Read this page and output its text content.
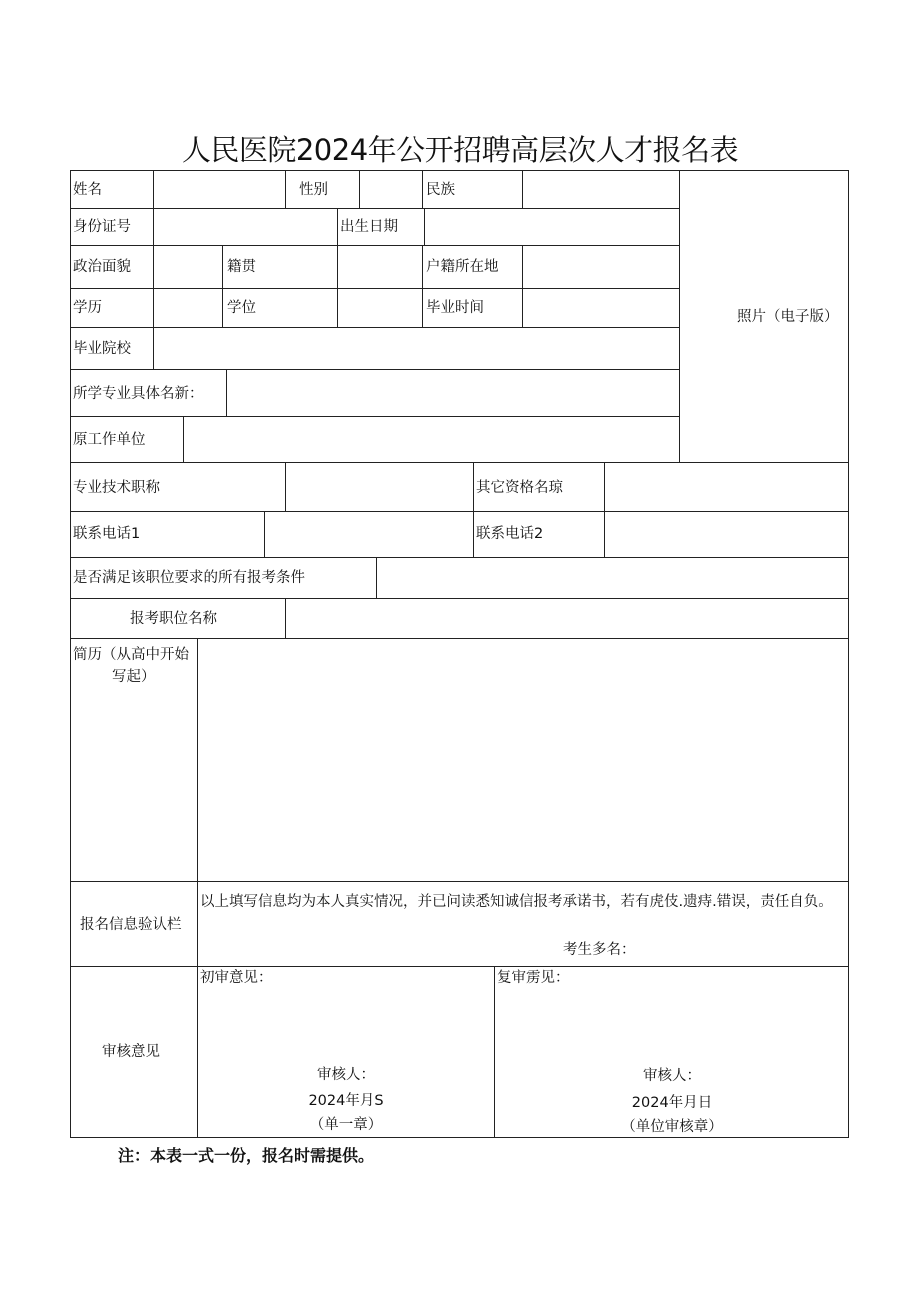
人民医院2024年公开招聘高层次人才报名表
姓名	性别	民族
身份证号	出生日期
政治面貌	籍贯	户籍所在地
学历	学位	毕业时间
照片（电子版）
毕业院校
所学专业具体名新：
原工作单位
专业技术职称	其它资格名琼
联系电话1	联系电话2
是否满足该职位要求的所有报考条件
报考职位名称
简历（从高中开始
写起）
报名信息验认栏
以上填写信息均为本人真实情况，并已问读悉知诚信报考承诺书，若有虎伎.遗痔.错误，责任自负。
考生多名：
审核意见
初审意见：
审核人：
2024年月S
（单一章）
复审雳见：
审核人：
2024年月日
（单位审核章）
注：本表一式一份，报名时需提供。
